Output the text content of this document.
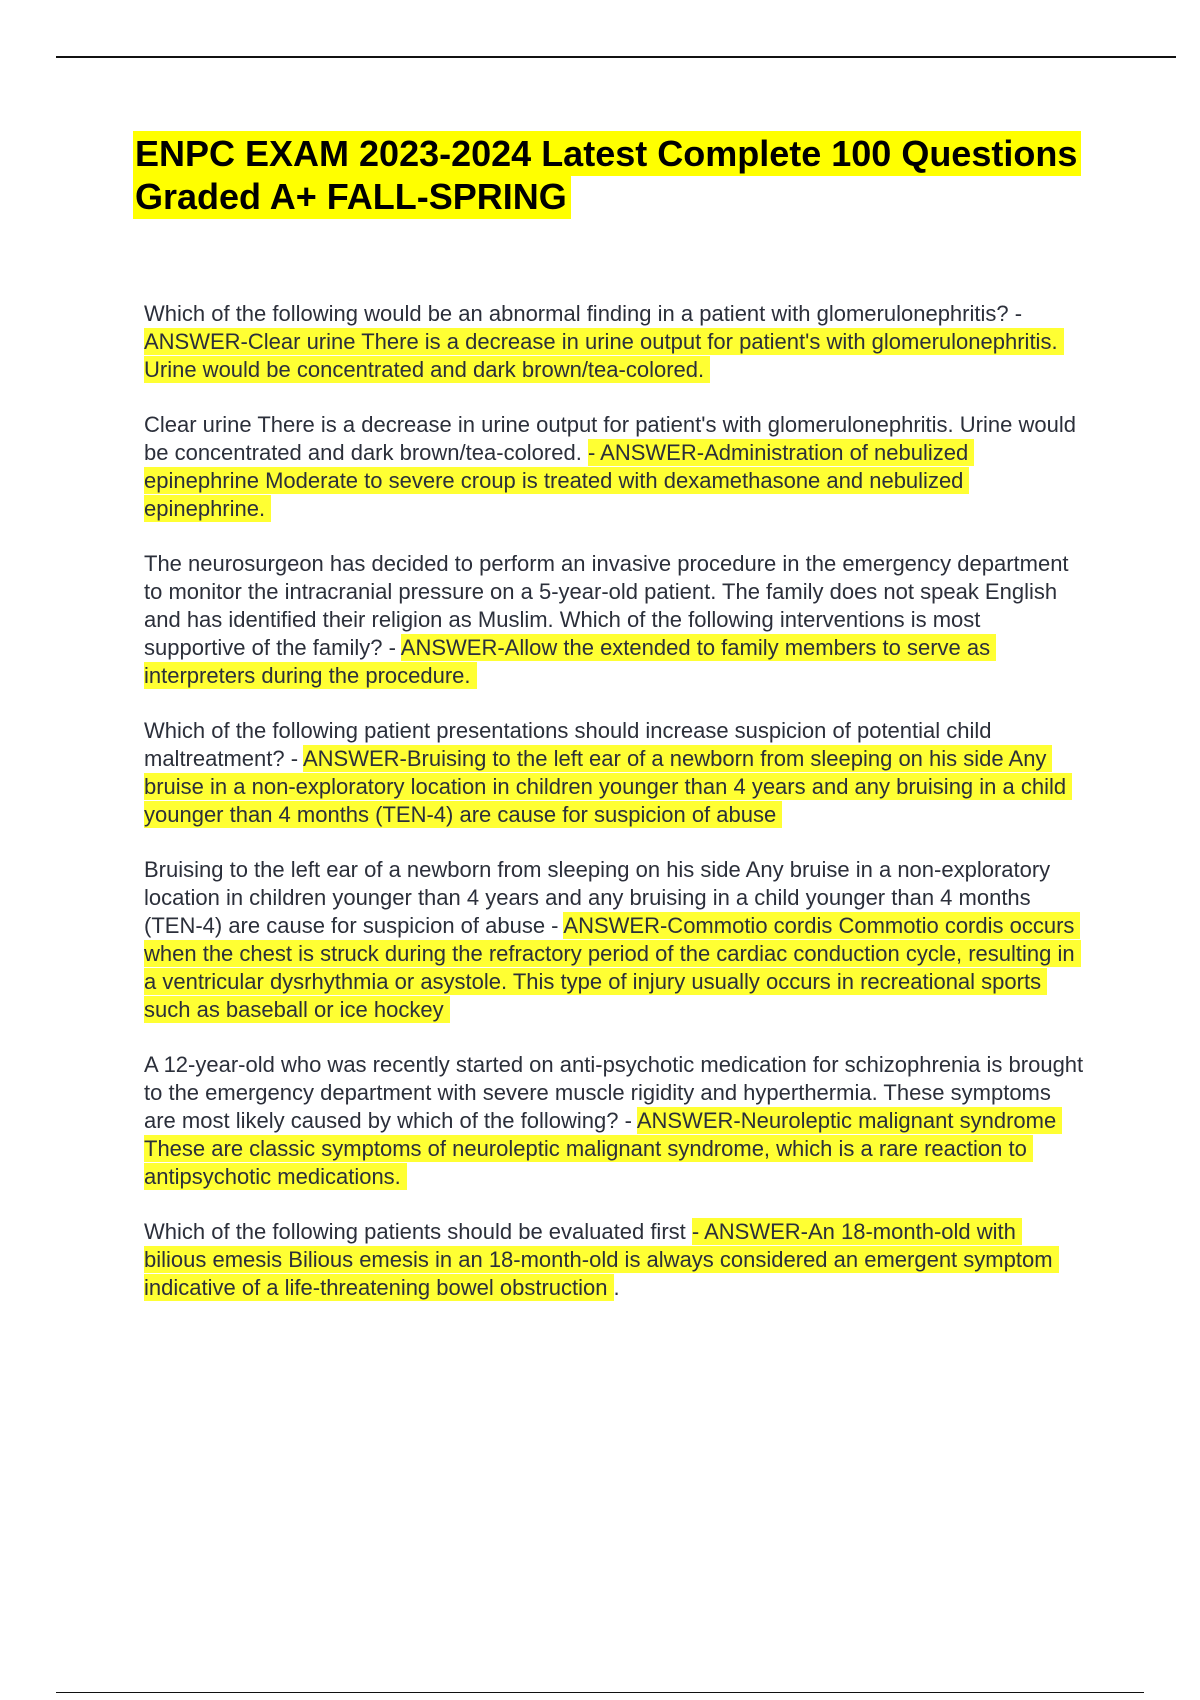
ENPC EXAM 2023-2024 Latest Complete 100 Questions Graded A+ FALL-SPRING

Which of the following would be an abnormal finding in a patient with glomerulonephritis? - ANSWER-Clear urine There is a decrease in urine output for patient's with glomerulonephritis. Urine would be concentrated and dark brown/tea-colored.

Clear urine There is a decrease in urine output for patient's with glomerulonephritis. Urine would be concentrated and dark brown/tea-colored. - ANSWER-Administration of nebulized epinephrine Moderate to severe croup is treated with dexamethasone and nebulized epinephrine.

The neurosurgeon has decided to perform an invasive procedure in the emergency department to monitor the intracranial pressure on a 5-year-old patient. The family does not speak English and has identified their religion as Muslim. Which of the following interventions is most supportive of the family? - ANSWER-Allow the extended to family members to serve as interpreters during the procedure.

Which of the following patient presentations should increase suspicion of potential child maltreatment? - ANSWER-Bruising to the left ear of a newborn from sleeping on his side Any bruise in a non-exploratory location in children younger than 4 years and any bruising in a child younger than 4 months (TEN-4) are cause for suspicion of abuse

Bruising to the left ear of a newborn from sleeping on his side Any bruise in a non-exploratory location in children younger than 4 years and any bruising in a child younger than 4 months (TEN-4) are cause for suspicion of abuse - ANSWER-Commotio cordis Commotio cordis occurs when the chest is struck during the refractory period of the cardiac conduction cycle, resulting in a ventricular dysrhythmia or asystole. This type of injury usually occurs in recreational sports such as baseball or ice hockey

A 12-year-old who was recently started on anti-psychotic medication for schizophrenia is brought to the emergency department with severe muscle rigidity and hyperthermia. These symptoms are most likely caused by which of the following? - ANSWER-Neuroleptic malignant syndrome These are classic symptoms of neuroleptic malignant syndrome, which is a rare reaction to antipsychotic medications.

Which of the following patients should be evaluated first - ANSWER-An 18-month-old with bilious emesis Bilious emesis in an 18-month-old is always considered an emergent symptom indicative of a life-threatening bowel obstruction .
